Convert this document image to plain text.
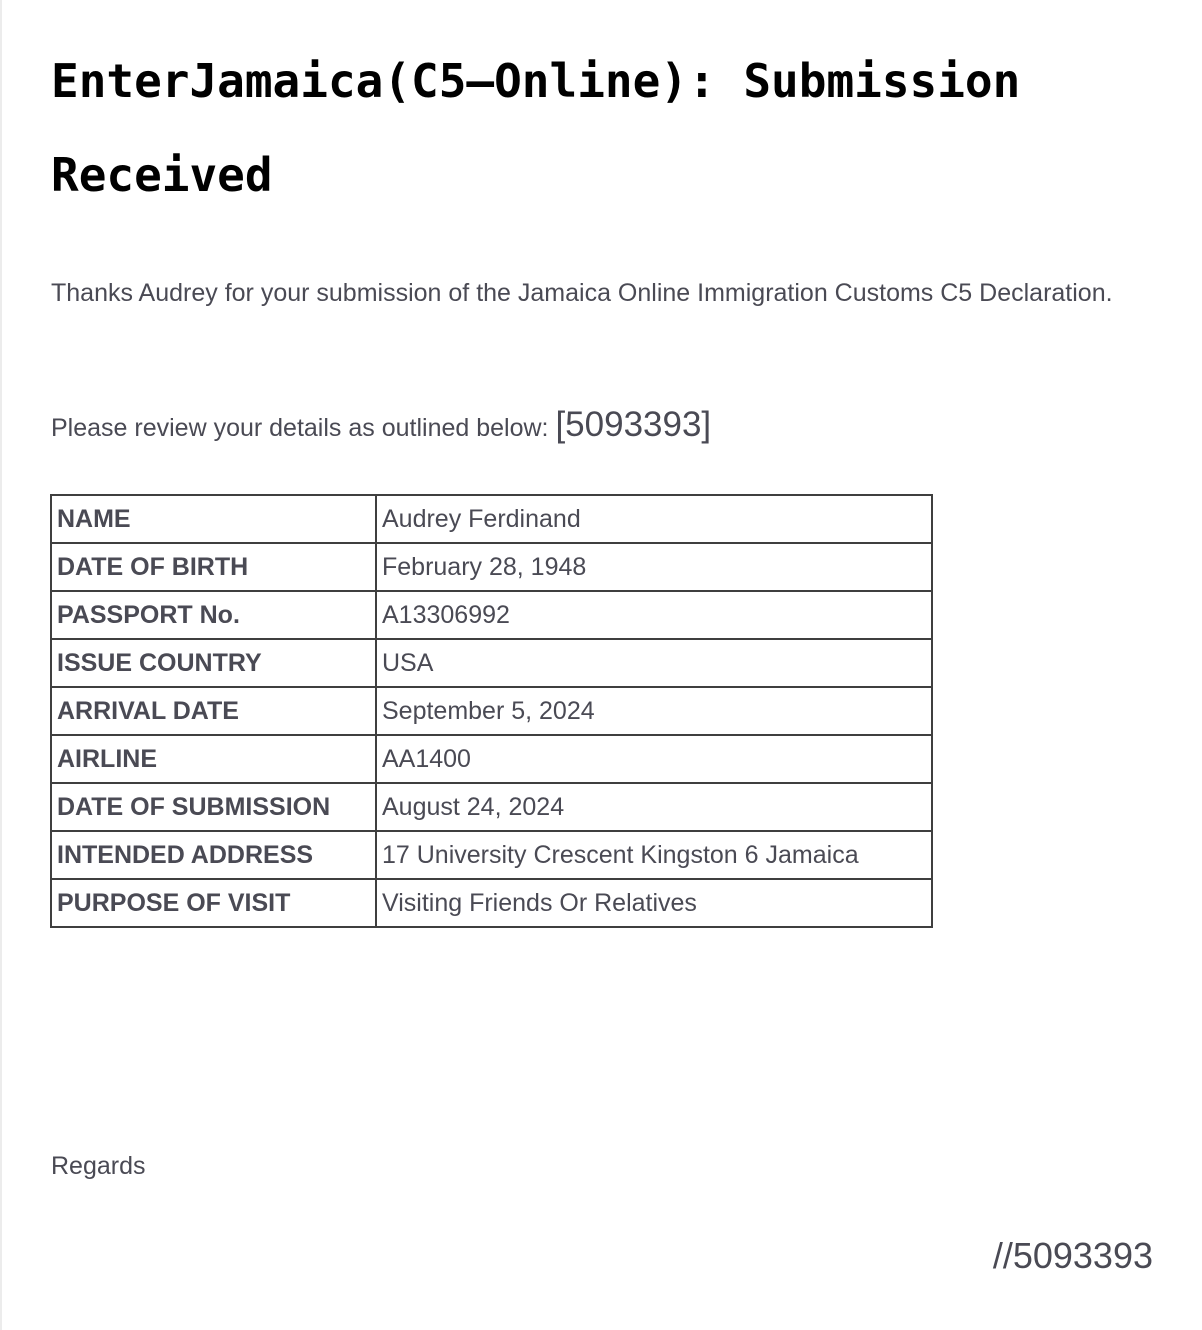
EnterJamaica(C5–Online): Submission Received

Thanks Audrey for your submission of the Jamaica Online Immigration Customs C5 Declaration.

Please review your details as outlined below: [5093393]

NAME	Audrey Ferdinand
DATE OF BIRTH	February 28, 1948
PASSPORT No.	A13306992
ISSUE COUNTRY	USA
ARRIVAL DATE	September 5, 2024
AIRLINE	AA1400
DATE OF SUBMISSION	August 24, 2024
INTENDED ADDRESS	17 University Crescent Kingston 6 Jamaica
PURPOSE OF VISIT	Visiting Friends Or Relatives

Regards

//5093393
